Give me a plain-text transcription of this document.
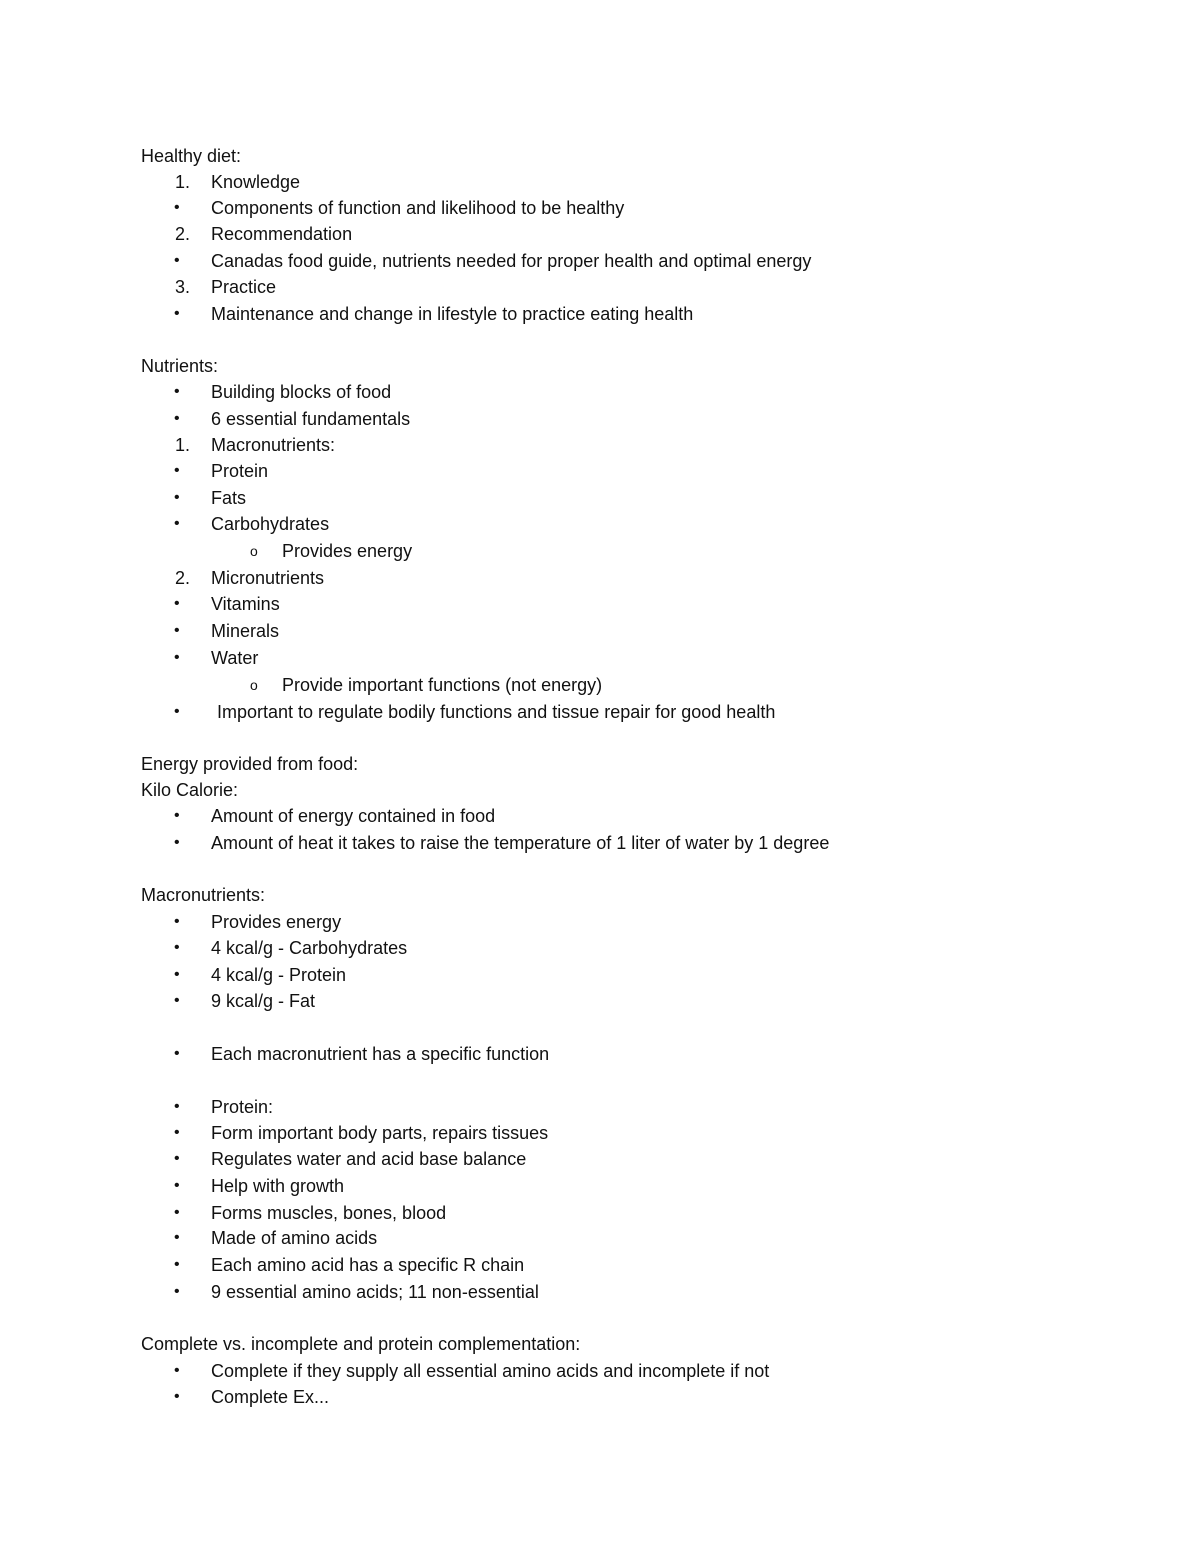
Healthy diet:
1. Knowledge
• Components of function and likelihood to be healthy
2. Recommendation
• Canadas food guide, nutrients needed for proper health and optimal energy
3. Practice
• Maintenance and change in lifestyle to practice eating health
Nutrients:
• Building blocks of food
• 6 essential fundamentals
1. Macronutrients:
• Protein
• Fats
• Carbohydrates
o Provides energy
2. Micronutrients
• Vitamins
• Minerals
• Water
o Provide important functions (not energy)
• Important to regulate bodily functions and tissue repair for good health
Energy provided from food:
Kilo Calorie:
• Amount of energy contained in food
• Amount of heat it takes to raise the temperature of 1 liter of water by 1 degree
Macronutrients:
• Provides energy
• 4 kcal/g - Carbohydrates
• 4 kcal/g - Protein
• 9 kcal/g - Fat
• Each macronutrient has a specific function
• Protein:
• Form important body parts, repairs tissues
• Regulates water and acid base balance
• Help with growth
• Forms muscles, bones, blood
• Made of amino acids
• Each amino acid has a specific R chain
• 9 essential amino acids; 11 non-essential
Complete vs. incomplete and protein complementation:
• Complete if they supply all essential amino acids and incomplete if not
• Complete Ex...
